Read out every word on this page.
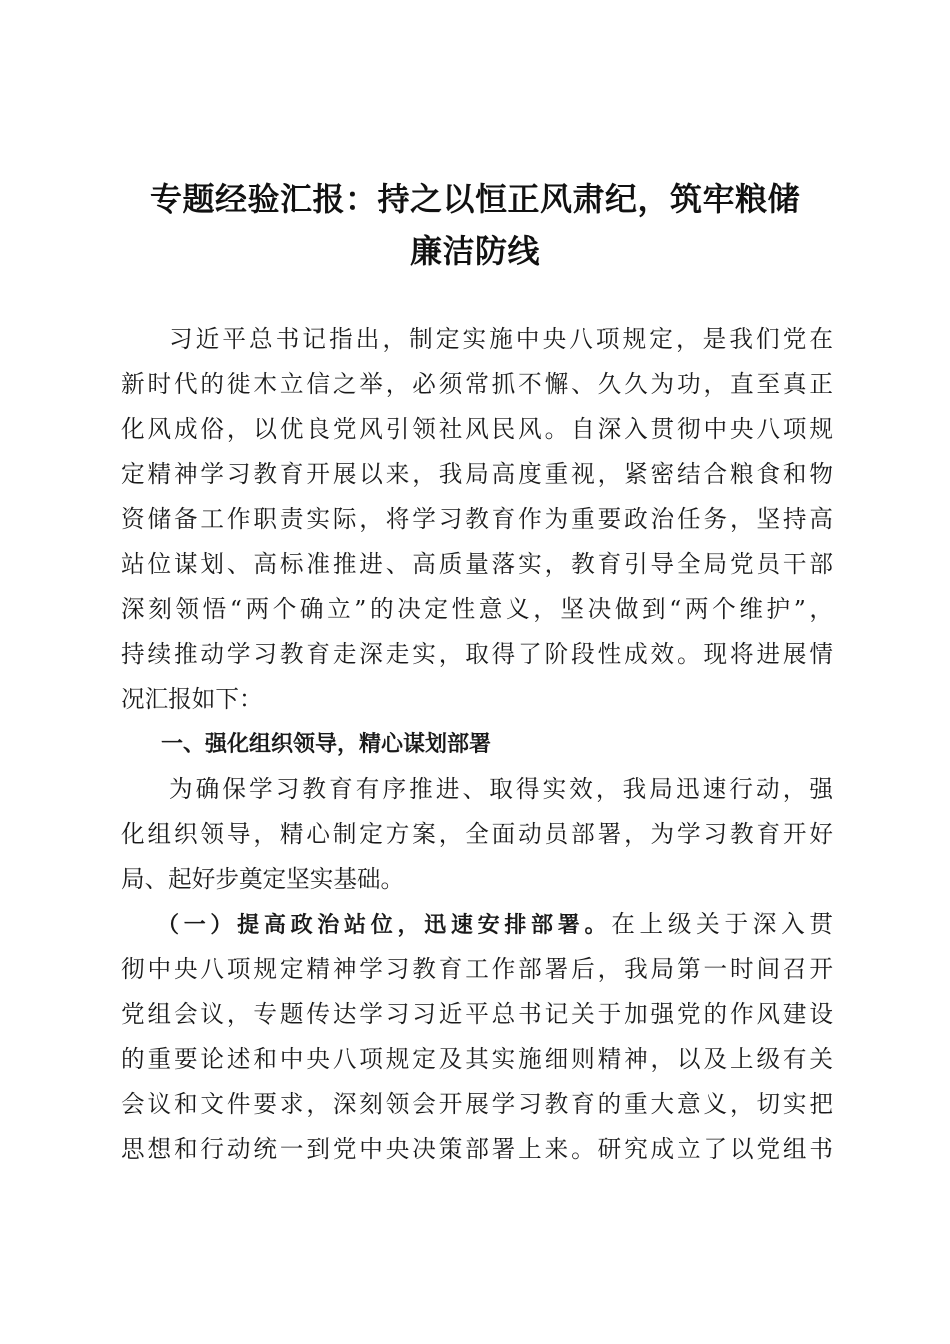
专题经验汇报：持之以恒正风肃纪，筑牢粮储
廉洁防线
习近平总书记指出，制定实施中央八项规定，是我们党在
新时代的徙木立信之举，必须常抓不懈、久久为功，直至真正
化风成俗，以优良党风引领社风民风。自深入贯彻中央八项规
定精神学习教育开展以来，我局高度重视，紧密结合粮食和物
资储备工作职责实际，将学习教育作为重要政治任务，坚持高
站位谋划、高标准推进、高质量落实，教育引导全局党员干部
深刻领悟“两个确立”的决定性意义，坚决做到“两个维护”，
持续推动学习教育走深走实，取得了阶段性成效。现将进展情
况汇报如下：
一、强化组织领导，精心谋划部署
为确保学习教育有序推进、取得实效，我局迅速行动，强
化组织领导，精心制定方案，全面动员部署，为学习教育开好
局、起好步奠定坚实基础。
（一）提高政治站位，迅速安排部署。在上级关于深入贯
彻中央八项规定精神学习教育工作部署后，我局第一时间召开
党组会议，专题传达学习习近平总书记关于加强党的作风建设
的重要论述和中央八项规定及其实施细则精神，以及上级有关
会议和文件要求，深刻领会开展学习教育的重大意义，切实把
思想和行动统一到党中央决策部署上来。研究成立了以党组书
